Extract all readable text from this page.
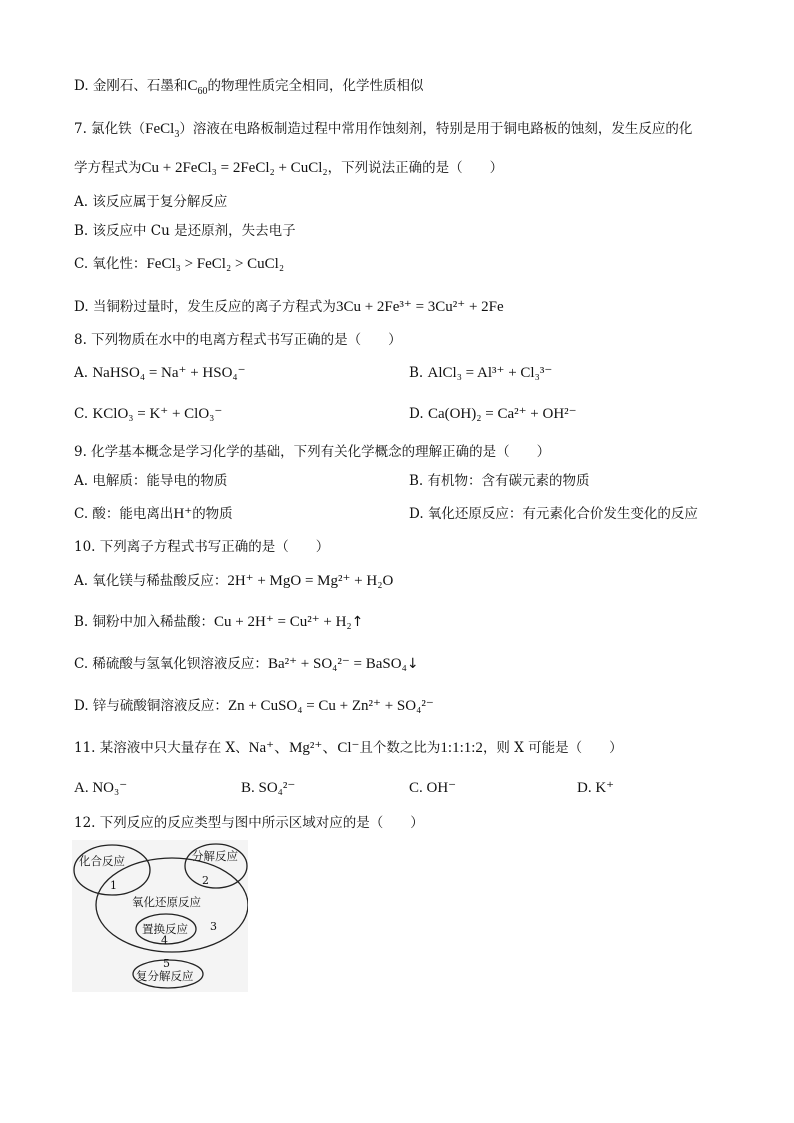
D. 金刚石、石墨和$C_{60}$的物理性质完全相同，化学性质相似
7. 氯化铁（FeCl$_3$）溶液在电路板制造过程中常用作蚀刻剂，特别是用于铜电路板的蚀刻，发生反应的化
学方程式为Cu + 2FeCl₃ = 2FeCl₂ + CuCl₂，下列说法正确的是（　　）
A. 该反应属于复分解反应
B. 该反应中 Cu 是还原剂，失去电子
C. 氧化性：FeCl₃ > FeCl₂ > CuCl₂
D. 当铜粉过量时，发生反应的离子方程式为3Cu + 2Fe³⁺ = 3Cu²⁺ + 2Fe
8. 下列物质在水中的电离方程式书写正确的是（　　）
A. NaHSO₄ = Na⁺ + HSO₄⁻	B. AlCl₃ = Al³⁺ + Cl₃³⁻
C. KClO₃ = K⁺ + ClO₃⁻	D. Ca(OH)₂ = Ca²⁺ + OH²⁻
9. 化学基本概念是学习化学的基础，下列有关化学概念的理解正确的是（　　）
A. 电解质：能导电的物质	B. 有机物：含有碳元素的物质
C. 酸：能电离出H⁺的物质	D. 氧化还原反应：有元素化合价发生变化的反应
10. 下列离子方程式书写正确的是（　　）
A. 氧化镁与稀盐酸反应：2H⁺ + MgO = Mg²⁺ + H₂O
B. 铜粉中加入稀盐酸：Cu + 2H⁺ = Cu²⁺ + H₂↑
C. 稀硫酸与氢氧化钡溶液反应：Ba²⁺ + SO₄²⁻ = BaSO₄↓
D. 锌与硫酸铜溶液反应：Zn + CuSO₄ = Cu + Zn²⁺ + SO₄²⁻
11. 某溶液中只大量存在 X、Na⁺、Mg²⁺、Cl⁻且个数之比为1:1:1:2，则 X 可能是（　　）
A. NO₃⁻	B. SO₄²⁻	C. OH⁻	D. K⁺
12. 下列反应的反应类型与图中所示区域对应的是（　　）
化合反应
1
分解反应
2
氧化还原反应
3
置换反应
4
5
复分解反应
